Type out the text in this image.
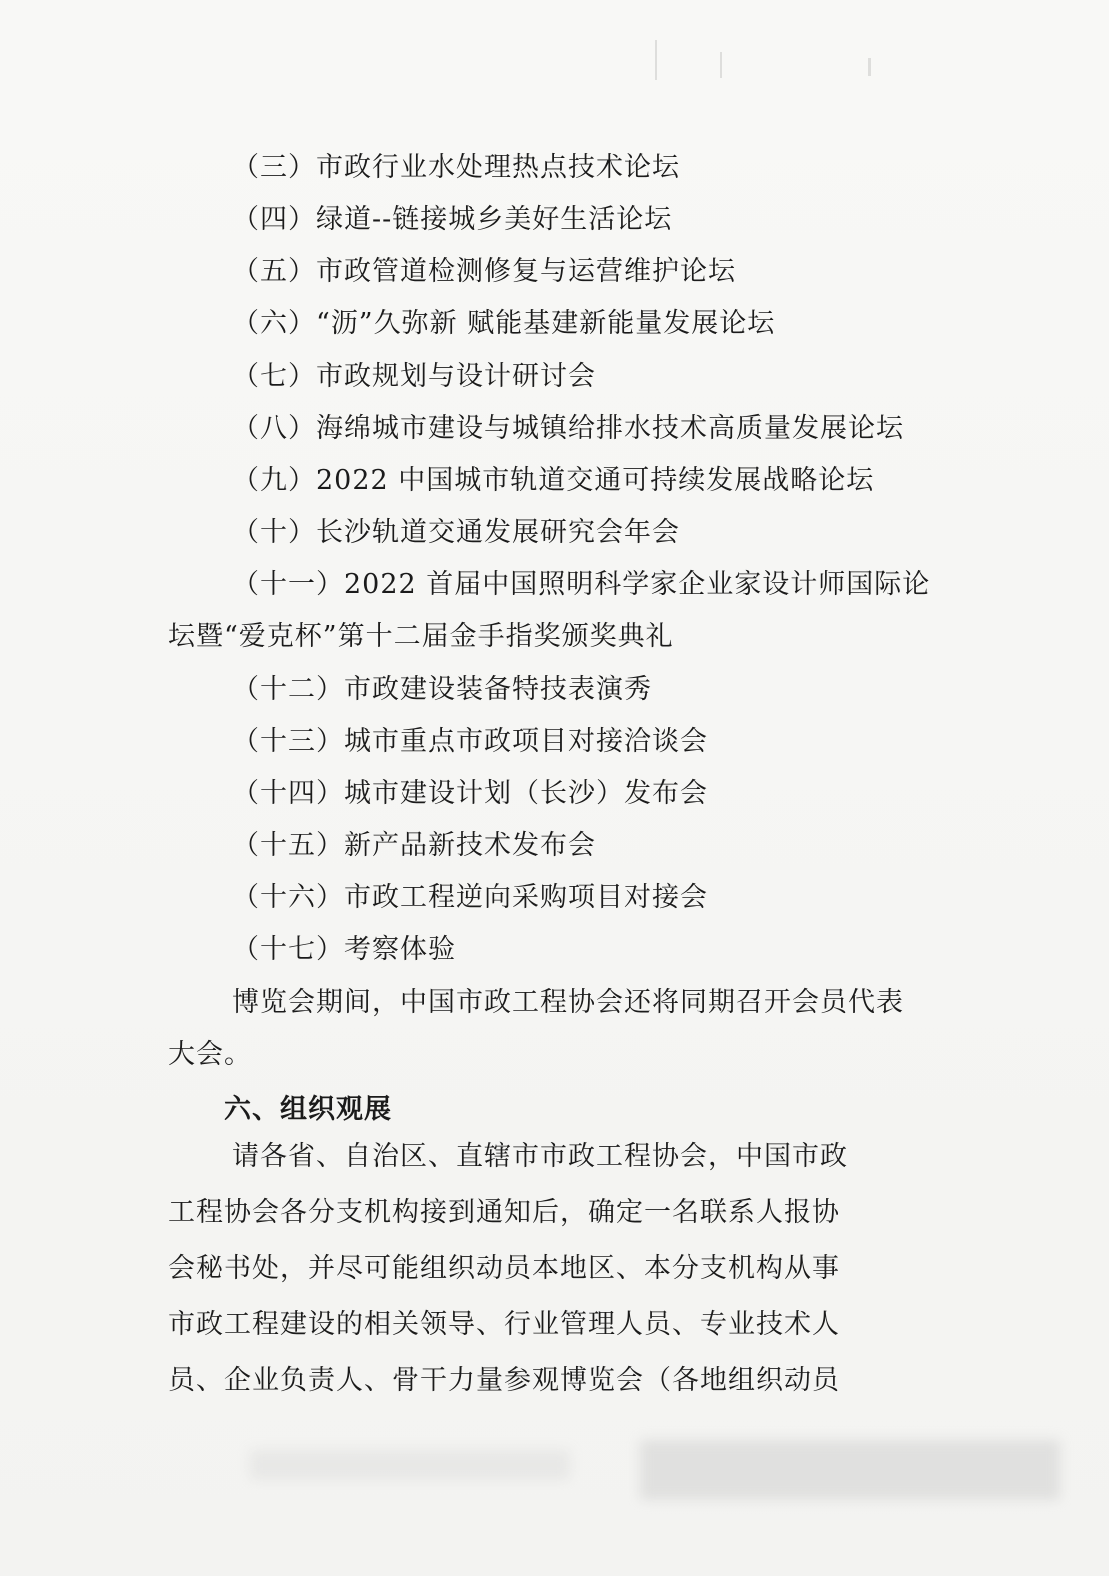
（三）市政行业水处理热点技术论坛
（四）绿道--链接城乡美好生活论坛
（五）市政管道检测修复与运营维护论坛
（六）“沥”久弥新 赋能基建新能量发展论坛
（七）市政规划与设计研讨会
（八）海绵城市建设与城镇给排水技术高质量发展论坛
（九）2022 中国城市轨道交通可持续发展战略论坛
（十）长沙轨道交通发展研究会年会
（十一）2022 首届中国照明科学家企业家设计师国际论
坛暨“爱克杯”第十二届金手指奖颁奖典礼
（十二）市政建设装备特技表演秀
（十三）城市重点市政项目对接洽谈会
（十四）城市建设计划（长沙）发布会
（十五）新产品新技术发布会
（十六）市政工程逆向采购项目对接会
（十七）考察体验
博览会期间，中国市政工程协会还将同期召开会员代表
大会。
六、组织观展
请各省、自治区、直辖市市政工程协会，中国市政
工程协会各分支机构接到通知后，确定一名联系人报协
会秘书处，并尽可能组织动员本地区、本分支机构从事
市政工程建设的相关领导、行业管理人员、专业技术人
员、企业负责人、骨干力量参观博览会（各地组织动员
